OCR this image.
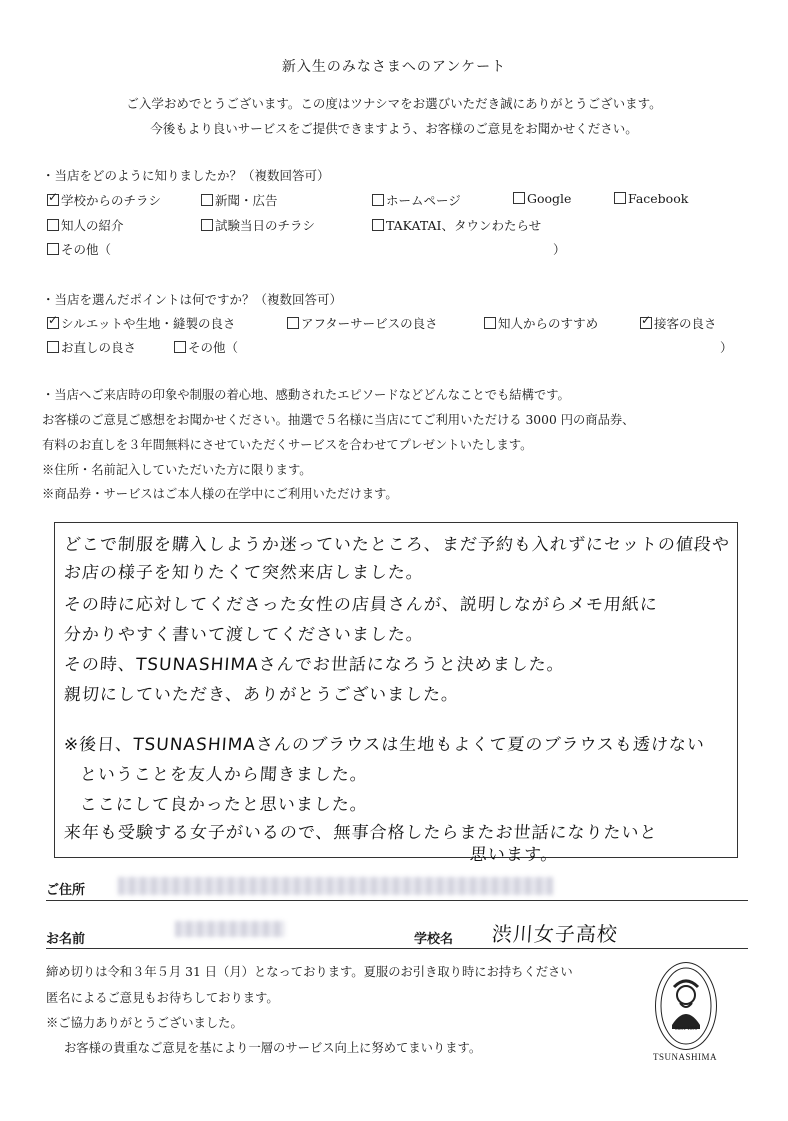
新入生のみなさまへのアンケート
ご入学おめでとうございます。この度はツナシマをお選びいただき誠にありがとうございます。
今後もより良いサービスをご提供できますよう、お客様のご意見をお聞かせください。
・当店をどのように知りましたか？（複数回答可）
✓学校からのチラシ	新聞・広告	ホームページ	Google	Facebook
知人の紹介	試験当日のチラシ	TAKATAI、タウンわたらせ
その他（	）
・当店を選んだポイントは何ですか？（複数回答可）
✓シルエットや生地・縫製の良さ	アフターサービスの良さ	知人からのすすめ
✓	接客の良さ
お直しの良さ	その他（	）
・当店へご来店時の印象や制服の着心地、感動されたエピソードなどどんなことでも結構です。
お客様のご意見ご感想をお聞かせください。抽選で５名様に当店にてご利用いただける 3000 円の商品券、
有料のお直しを３年間無料にさせていただくサービスを合わせてプレゼントいたします。
※住所・名前記入していただいた方に限ります。
※商品券・サービスはご本人様の在学中にご利用いただけます。
どこで制服を購入しようか迷っていたところ、まだ予約も入れずにセットの値段や
お店の様子を知りたくて突然来店しました。
その時に応対してくださった女性の店員さんが、説明しながらメモ用紙に
分かりやすく書いて渡してくださいました。
その時、TSUNASHIMAさんでお世話になろうと決めました。
親切にしていただき、ありがとうございました。
※後日、TSUNASHIMAさんのブラウスは生地もよくて夏のブラウスも透けない
ということを友人から聞きました。
ここにして良かったと思いました。
来年も受験する女子がいるので、無事合格したらまたお世話になりたいと
思います。
ご住所
お名前	学校名 渋川女子高校
締め切りは令和３年５月 31 日（月）となっております。夏服のお引き取り時にお持ちください
匿名によるご意見もお待ちしております。
※ご協力ありがとうございました。
お客様の貴重なご意見を基により一層のサービス向上に努めてまいります。
Since 1890
TSUNASHIMA
